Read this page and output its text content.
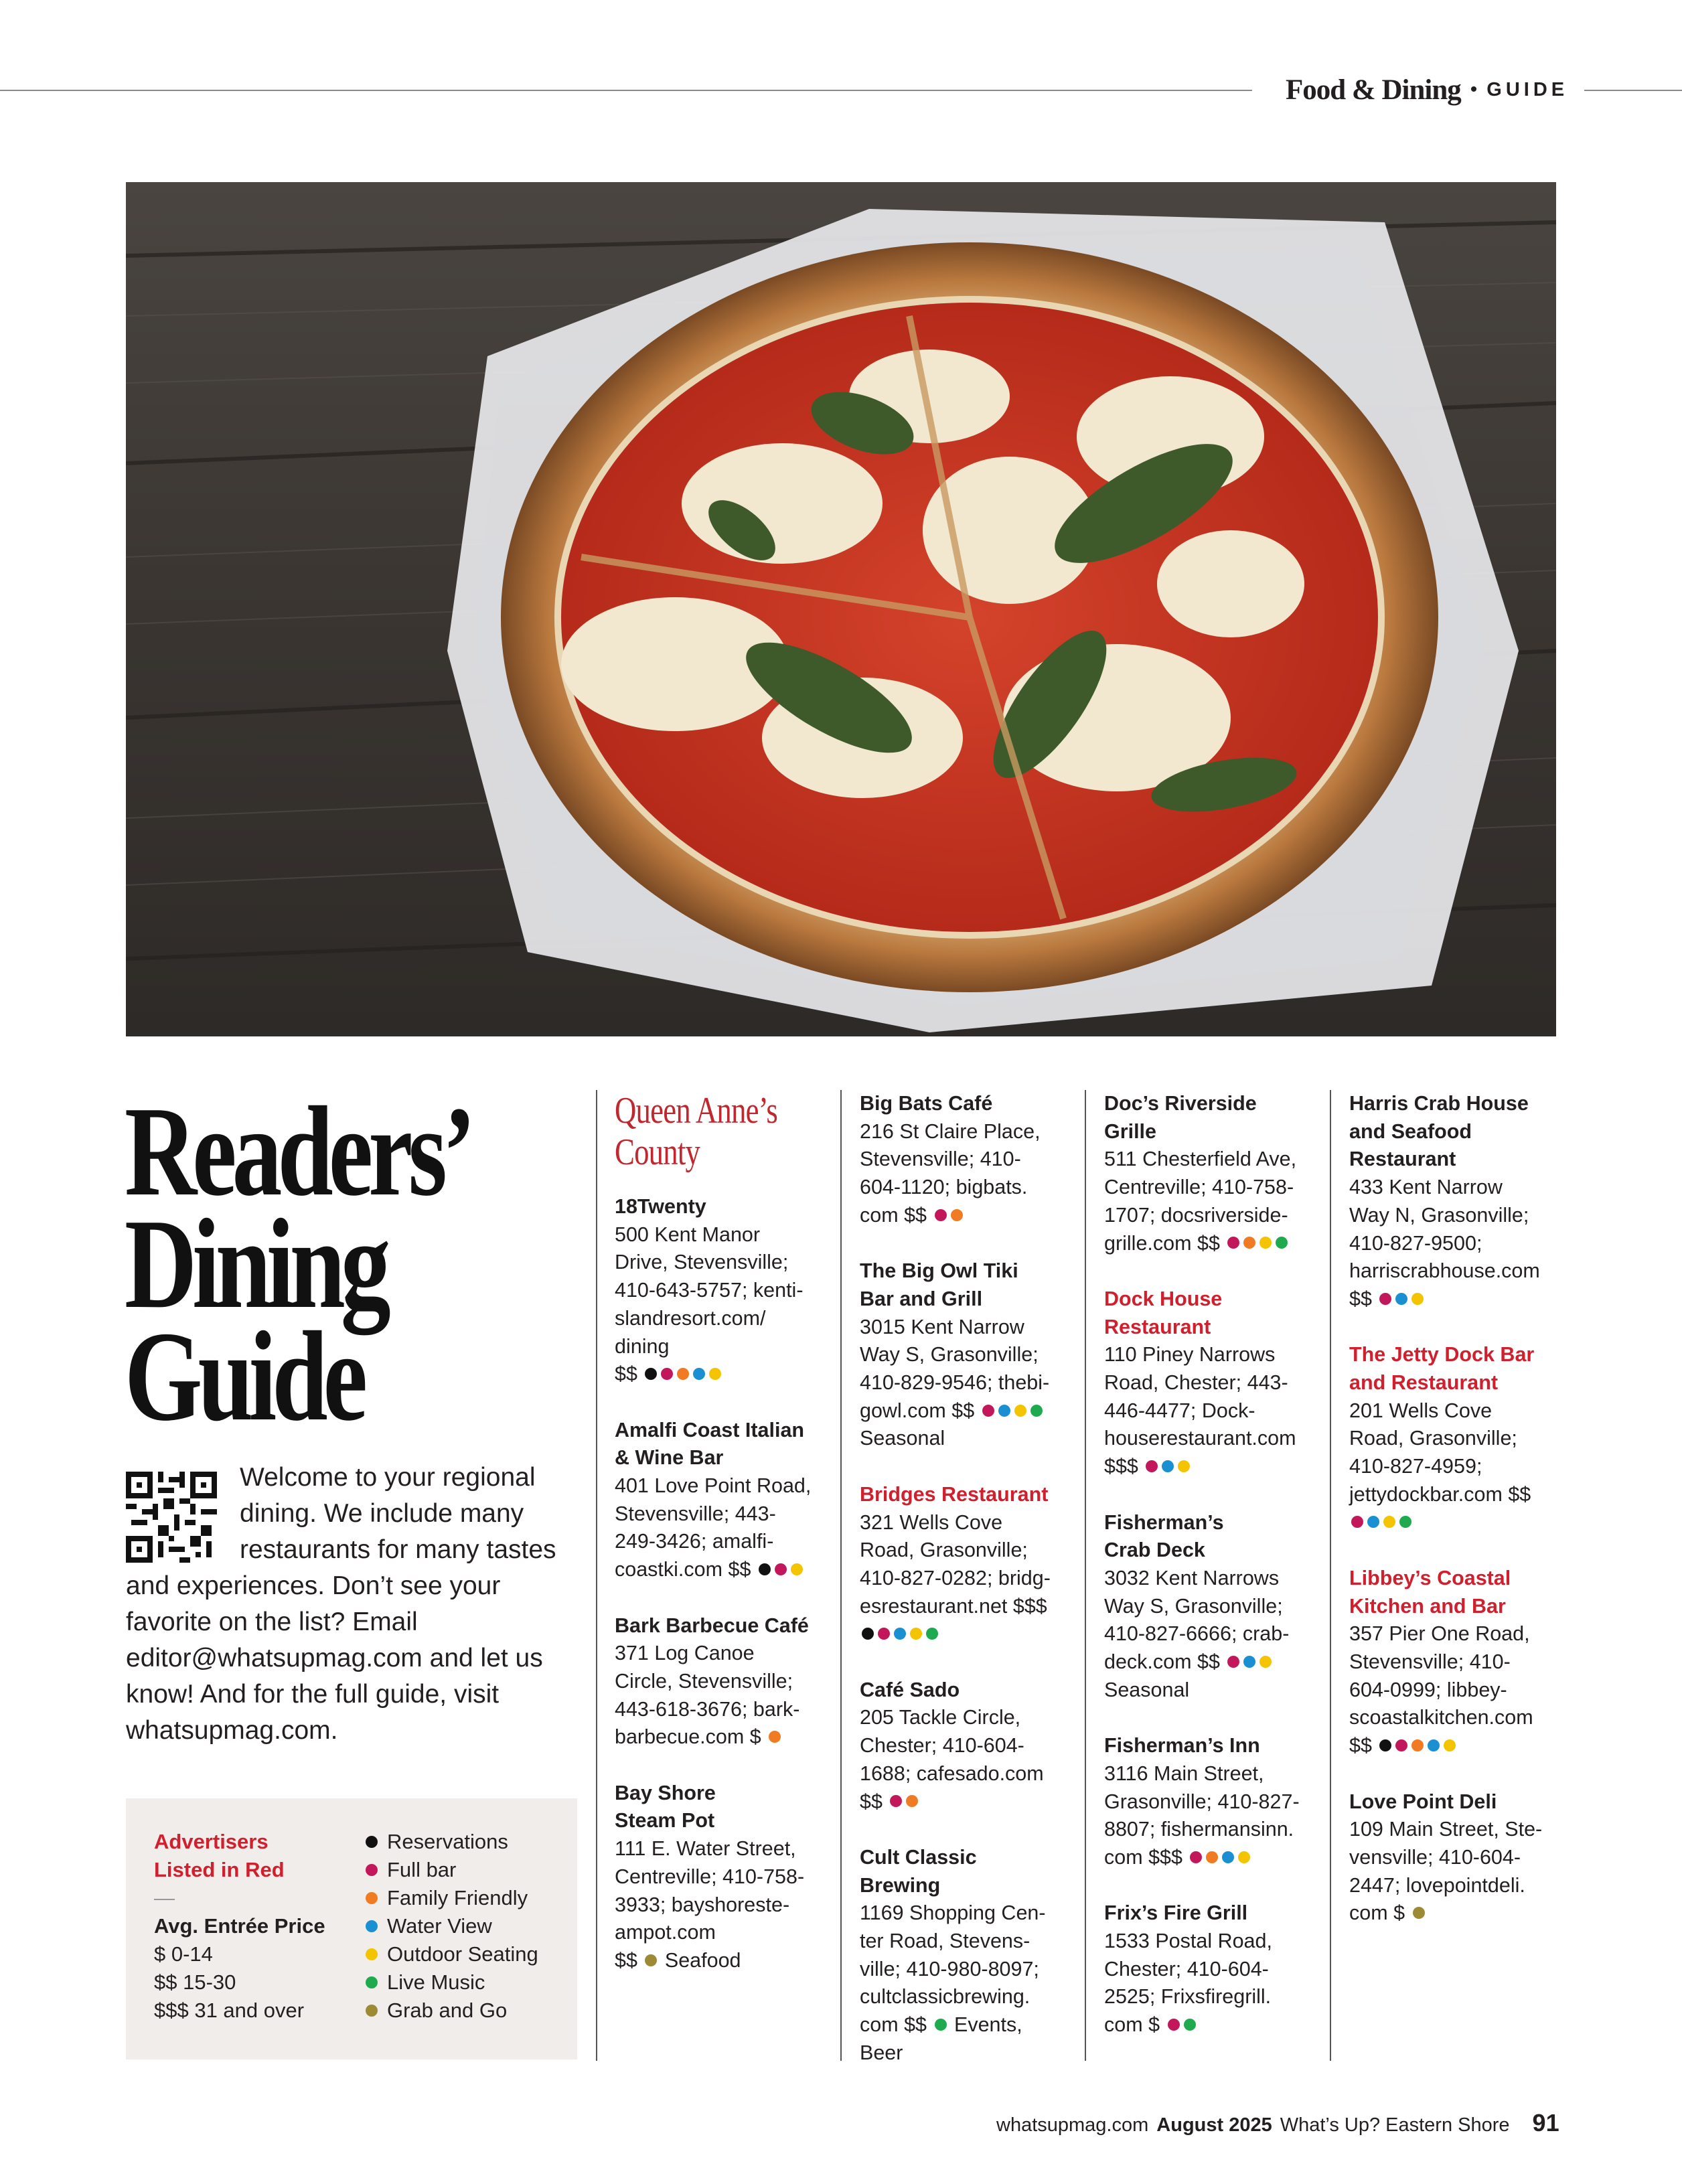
Food & Dining • GUIDE
Readers’
Dining
Guide
Welcome to your regional dining. We include many restaurants for many tastes and experiences. Don’t see your favorite on the list? Email editor@whatsupmag.com and let us know! And for the full guide, visit whatsupmag.com.
Advertisers
Listed in Red
—
Avg. Entrée Price
$ 0-14
$$ 15-30
$$$ 31 and over
Reservations
Full bar
Family Friendly
Water View
Outdoor Seating
Live Music
Grab and Go
Queen Anne’s
County

18Twenty

500 Kent Manor

Drive, Stevensville;

410-643-5757; kenti-

slandresort.com/

dining

$$

Amalfi Coast Italian

& Wine Bar

401 Love Point Road,

Stevensville; 443-

249-3426; amalfi-

coastki.com $$

Bark Barbecue Café

371 Log Canoe

Circle, Stevensville;

443-618-3676; bark-

barbecue.com $

Bay Shore

Steam Pot

111 E. Water Street,

Centreville; 410-758-

3933; bayshoreste-

ampot.com

$$  Seafood

Big Bats Café

216 St Claire Place,

Stevensville; 410-

604-1120; bigbats.

com $$

The Big Owl Tiki

Bar and Grill

3015 Kent Narrow

Way S, Grasonville;

410-829-9546; thebi-

gowl.com $$

Seasonal

Bridges Restaurant

321 Wells Cove

Road, Grasonville;

410-827-0282; bridg-

esrestaurant.net $$$

Café Sado

205 Tackle Circle,

Chester; 410-604-

1688; cafesado.com

$$

Cult Classic

Brewing

1169 Shopping Cen-

ter Road, Stevens-

ville; 410-980-8097;

cultclassicbrewing.

com $$  Events,

Beer

Doc’s Riverside

Grille

511 Chesterfield Ave,

Centreville; 410-758-

1707; docsriverside-

grille.com $$

Dock House

Restaurant

110 Piney Narrows

Road, Chester; 443-

446-4477; Dock-

houserestaurant.com

$$$

Fisherman’s

Crab Deck

3032 Kent Narrows

Way S, Grasonville;

410-827-6666; crab-

deck.com $$

Seasonal

Fisherman’s Inn

3116 Main Street,

Grasonville; 410-827-

8807; fishermansinn.

com $$$

Frix’s Fire Grill

1533 Postal Road,

Chester; 410-604-

2525; Frixsfiregrill.

com $

Harris Crab House

and Seafood

Restaurant

433 Kent Narrow

Way N, Grasonville;

410-827-9500;

harriscrabhouse.com

$$

The Jetty Dock Bar

and Restaurant

201 Wells Cove

Road, Grasonville;

410-827-4959;

jettydockbar.com $$

Libbey’s Coastal

Kitchen and Bar

357 Pier One Road,

Stevensville; 410-

604-0999; libbey-

scoastalkitchen.com

$$

Love Point Deli

109 Main Street, Ste-

vensville; 410-604-

2447; lovepointdeli.

com $

whatsupmag.com August 2025 What’s Up? Eastern Shore 91
